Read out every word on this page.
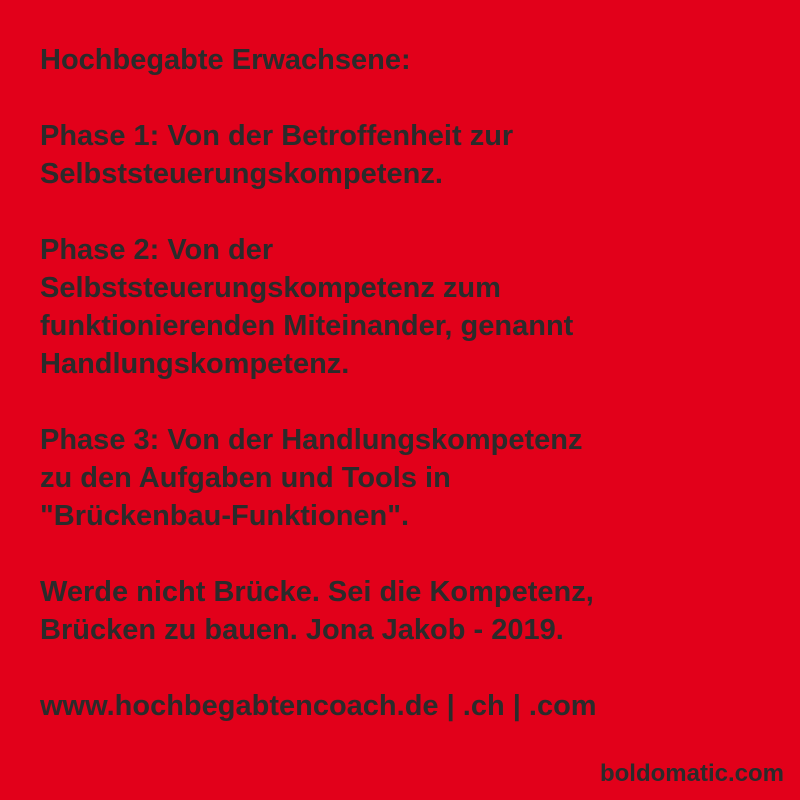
Hochbegabte Erwachsene:
Phase 1: Von der Betroffenheit zur
Selbststeuerungskompetenz.
Phase 2: Von der
Selbststeuerungskompetenz zum
funktionierenden Miteinander, genannt
Handlungskompetenz.
Phase 3: Von der Handlungskompetenz
zu den Aufgaben und Tools in
"Brückenbau-Funktionen".
Werde nicht Brücke. Sei die Kompetenz,
Brücken zu bauen. Jona Jakob - 2019.
www.hochbegabtencoach.de | .ch | .com
boldomatic.com
